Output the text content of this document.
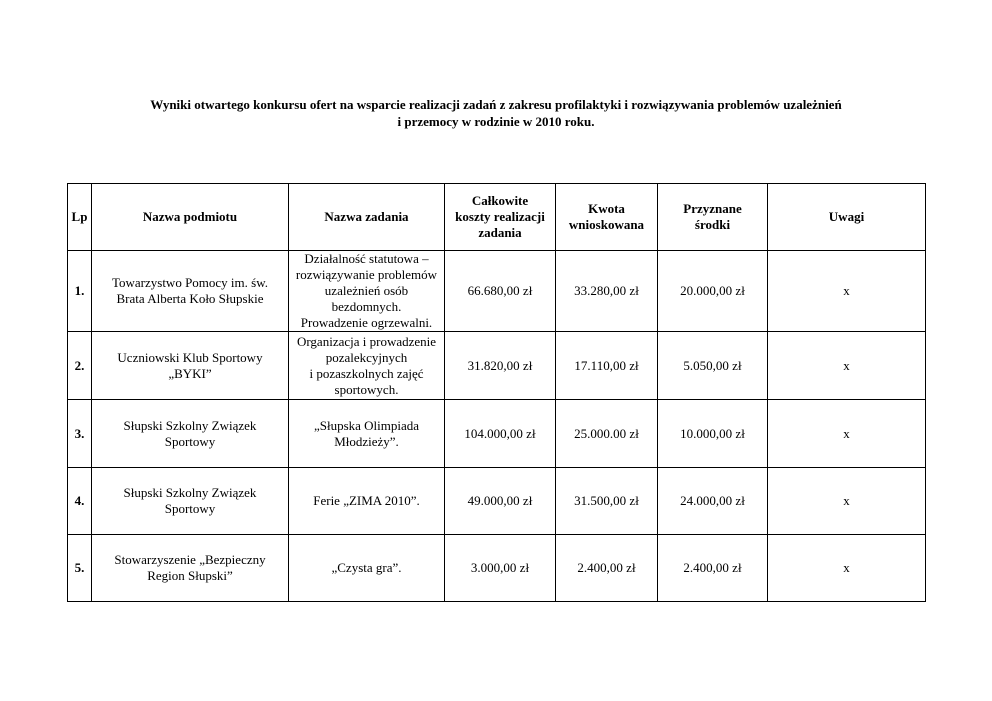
Wyniki otwartego konkursu ofert na wsparcie realizacji zadań z zakresu profilaktyki i rozwiązywania problemów uzależnień
i przemocy w rodzinie w 2010 roku.
Lp	Nazwa podmiotu	Nazwa zadania	Całkowite
koszty realizacji
zadania	Kwota
wnioskowana	Przyznane
środki	Uwagi
1.	Towarzystwo Pomocy im. św.
Brata Alberta Koło Słupskie	Działalność statutowa –
rozwiązywanie problemów
uzależnień osób bezdomnych.
Prowadzenie ogrzewalni.	66.680,00 zł	33.280,00 zł	20.000,00 zł	x
2.	Uczniowski Klub Sportowy
„BYKI”	Organizacja i prowadzenie
pozalekcyjnych
i pozaszkolnych zajęć
sportowych.	31.820,00 zł	17.110,00 zł	5.050,00 zł	x
3.	Słupski Szkolny Związek
Sportowy	„Słupska Olimpiada
Młodzieży”.	104.000,00 zł	25.000.00 zł	10.000,00 zł	x
4.	Słupski Szkolny Związek
Sportowy	Ferie „ZIMA 2010”.	49.000,00 zł	31.500,00 zł	24.000,00 zł	x
5.	Stowarzyszenie „Bezpieczny
Region Słupski”	„Czysta gra”.	3.000,00 zł	2.400,00 zł	2.400,00 zł	x
